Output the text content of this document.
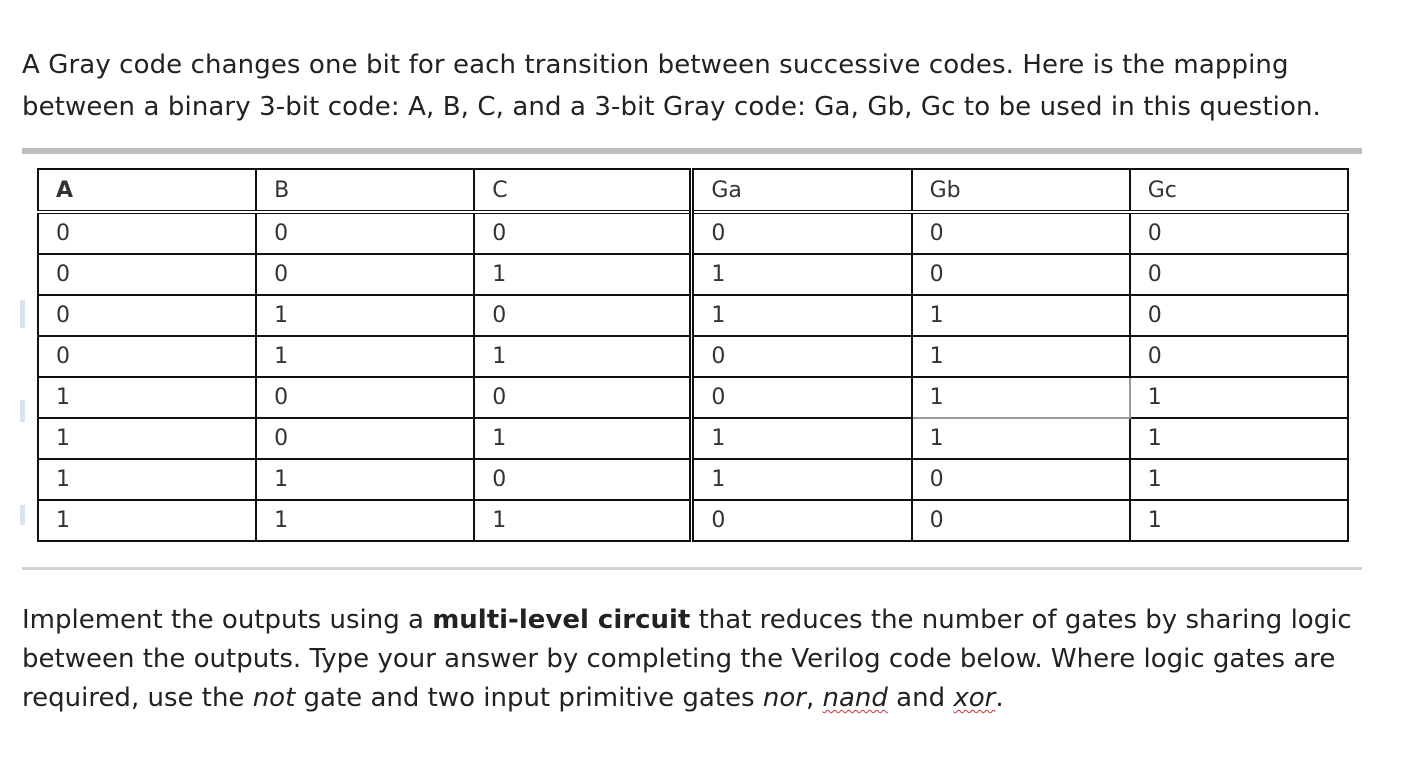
A Gray code changes one bit for each transition between successive codes. Here is the mapping

between a binary 3-bit code: A, B, C, and a 3-bit Gray code: Ga, Gb, Gc to be used in this question.

A	B	C	Ga	Gb	Gc
0	0	0	0	0	0
0	0	1	1	0	0
0	1	0	1	1	0
0	1	1	0	1	0
1	0	0	0	1	1
1	0	1	1	1	1
1	1	0	1	0	1
1	1	1	0	0	1

Implement the outputs using a multi-level circuit that reduces the number of gates by sharing logic

between the outputs. Type your answer by completing the Verilog code below. Where logic gates are

required, use the not gate and two input primitive gates nor, nand and xor.
